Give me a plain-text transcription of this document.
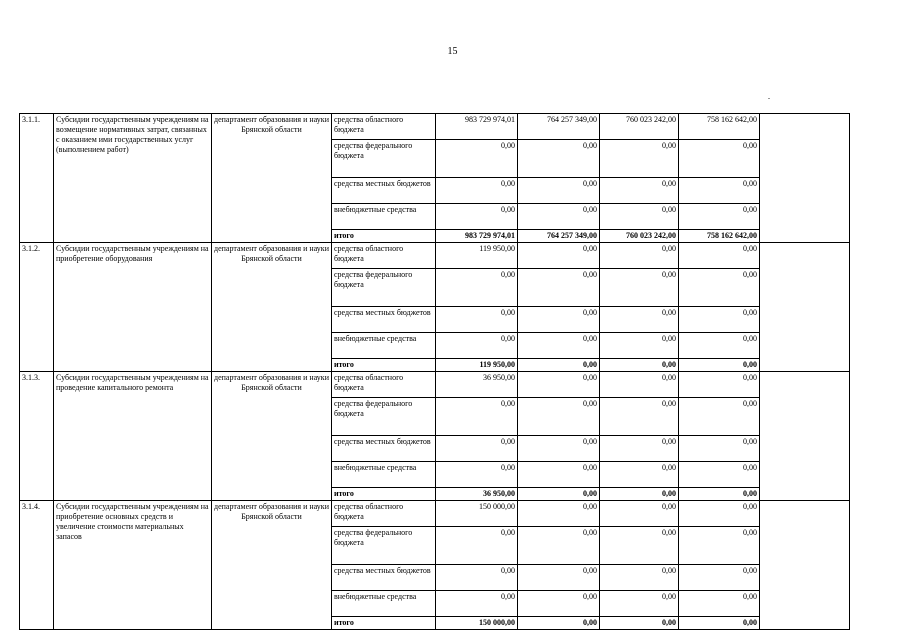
15
3.1.1.	Субсидии государственным учреждениям на возмещение нормативных затрат, связанных с оказанием ими государственных услуг (выполнением работ)	департамент образования и науки Брянской области	средства областного бюджета	983 729 974,01	764 257 349,00	760 023 242,00	758 162 642,00	
			средства федерального бюджета	0,00	0,00	0,00	0,00	
			средства местных бюджетов	0,00	0,00	0,00	0,00	
			внебюджетные средства	0,00	0,00	0,00	0,00	
			итого	983 729 974,01	764 257 349,00	760 023 242,00	758 162 642,00	
3.1.2.	Субсидии государственным учреждениям на приобретение оборудования	департамент образования и науки Брянской области	средства областного бюджета	119 950,00	0,00	0,00	0,00	
			средства федерального бюджета	0,00	0,00	0,00	0,00	
			средства местных бюджетов	0,00	0,00	0,00	0,00	
			внебюджетные средства	0,00	0,00	0,00	0,00	
			итого	119 950,00	0,00	0,00	0,00	
3.1.3.	Субсидии государственным учреждениям на проведение капитального ремонта	департамент образования и науки Брянской области	средства областного бюджета	36 950,00	0,00	0,00	0,00	
			средства федерального бюджета	0,00	0,00	0,00	0,00	
			средства местных бюджетов	0,00	0,00	0,00	0,00	
			внебюджетные средства	0,00	0,00	0,00	0,00	
			итого	36 950,00	0,00	0,00	0,00	
3.1.4.	Субсидии государственным учреждениям на приобретение основных средств и увеличение стоимости материальных запасов	департамент образования и науки Брянской области	средства областного бюджета	150 000,00	0,00	0,00	0,00	
			средства федерального бюджета	0,00	0,00	0,00	0,00	
			средства местных бюджетов	0,00	0,00	0,00	0,00	
			внебюджетные средства	0,00	0,00	0,00	0,00	
			итого	150 000,00	0,00	0,00	0,00	
